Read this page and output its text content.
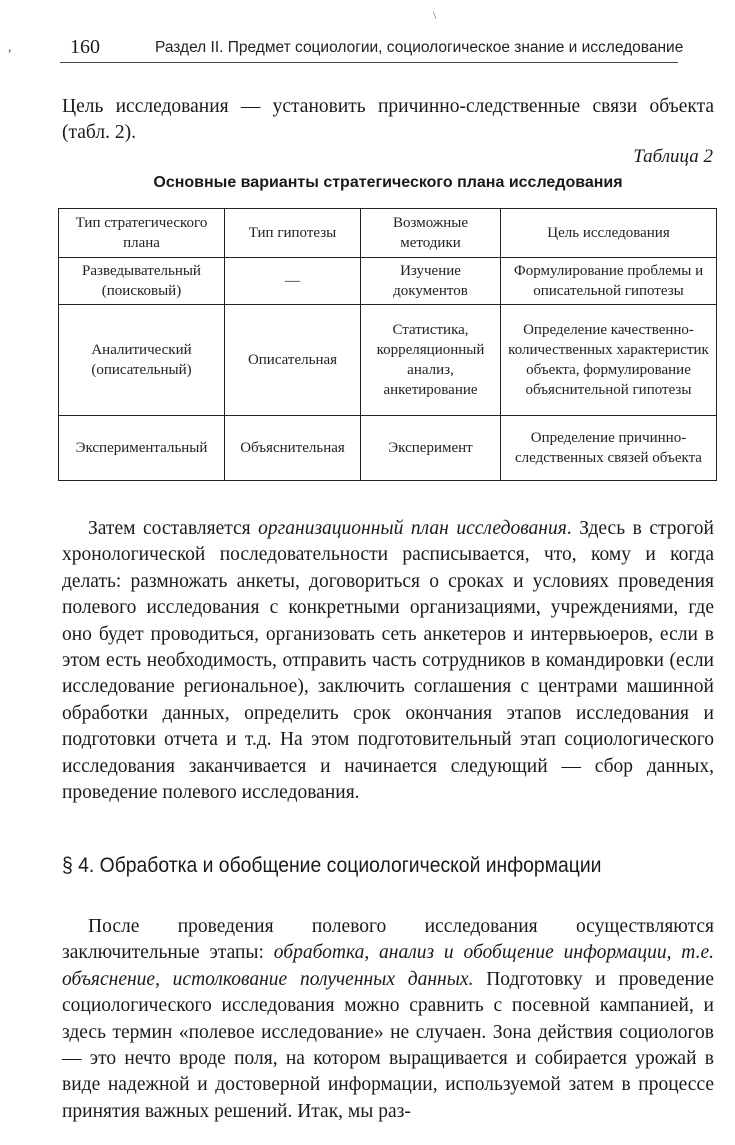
,
\
160	Раздел II. Предмет социологии, социологическое знание и исследование

Цель исследования — установить причинно-следственные связи объекта (табл. 2).

Таблица 2

Основные варианты стратегического плана исследования

Тип стратегического плана	Тип гипотезы	Возможные методики	Цель исследования
Разведывательный (поисковый)	—	Изучение документов	Формулирование проблемы и описательной гипотезы
Аналитический (описательный)	Описательная	Статистика, корреляционный анализ, анкетирование	Определение качественно-количественных характеристик объекта, формулирование объяснительной гипотезы
Экспериментальный	Объяснительная	Эксперимент	Определение причинно-следственных связей объекта

Затем составляется организационный план исследования. Здесь в строгой хронологической последовательности расписывается, что, кому и когда делать: размножать анкеты, договориться о сроках и условиях проведения полевого исследования с конкретными организациями, учреждениями, где оно будет проводиться, организовать сеть анкетеров и интервьюеров, если в этом есть необходимость, отправить часть сотрудников в командировки (если исследование региональное), заключить соглашения с центрами машинной обработки данных, определить срок окончания этапов исследования и подготовки отчета и т.д. На этом подготовительный этап социологического исследования заканчивается и начинается следующий — сбор данных, проведение полевого исследования.

§ 4. Обработка и обобщение социологической информации

После проведения полевого исследования осуществляются заключительные этапы: обработка, анализ и обобщение информации, т.е. объяснение, истолкование полученных данных. Подготовку и проведение социологического исследования можно сравнить с посевной кампанией, и здесь термин «полевое исследование» не случаен. Зона действия социологов — это нечто вроде поля, на котором выращивается и собирается урожай в виде надежной и достоверной информации, используемой затем в процессе принятия важных решений. Итак, мы раз-
